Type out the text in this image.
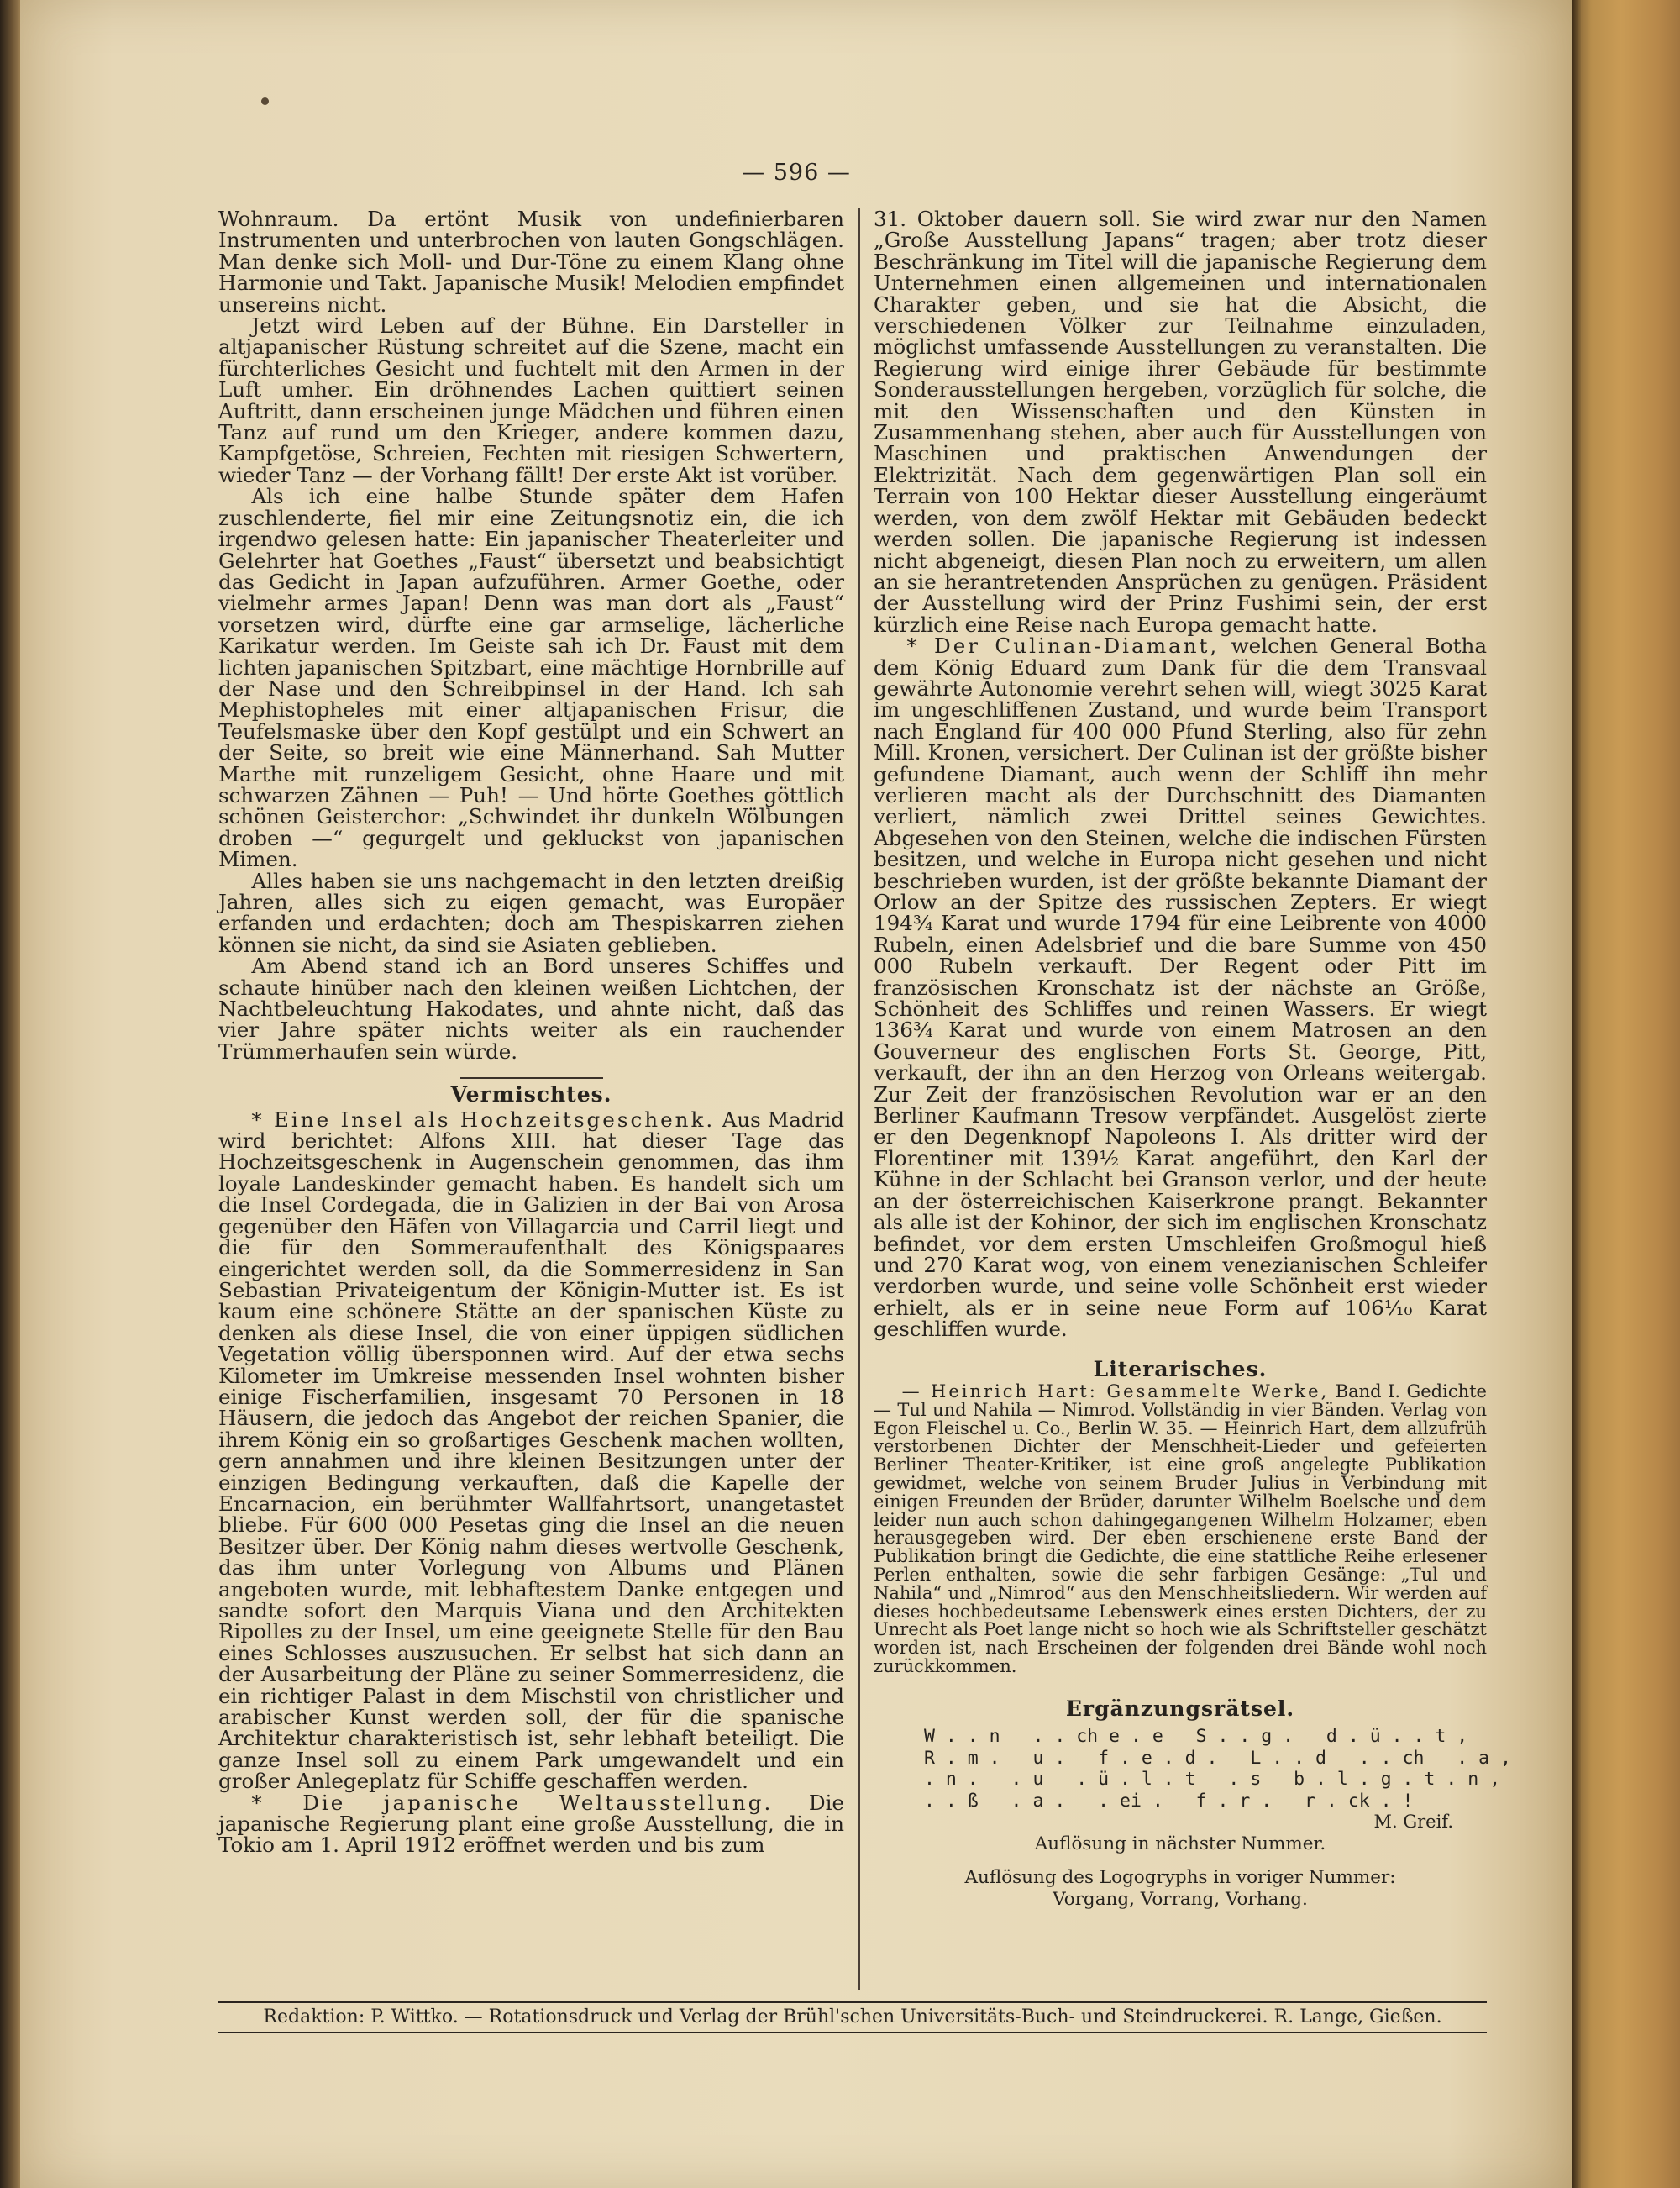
— 596 —

Wohnraum. Da ertönt Musik von undefinierbaren Instrumenten und unterbrochen von lauten Gongschlägen. Man denke sich Moll- und Dur-Töne zu einem Klang ohne Harmonie und Takt. Japanische Musik! Melodien empfindet unsereins nicht.

Jetzt wird Leben auf der Bühne. Ein Darsteller in altjapanischer Rüstung schreitet auf die Szene, macht ein fürchterliches Gesicht und fuchtelt mit den Armen in der Luft umher. Ein dröhnendes Lachen quittiert seinen Auftritt, dann erscheinen junge Mädchen und führen einen Tanz auf rund um den Krieger, andere kommen dazu, Kampfgetöse, Schreien, Fechten mit riesigen Schwertern, wieder Tanz — der Vorhang fällt! Der erste Akt ist vorüber.

Als ich eine halbe Stunde später dem Hafen zuschlenderte, fiel mir eine Zeitungsnotiz ein, die ich irgendwo gelesen hatte: Ein japanischer Theaterleiter und Gelehrter hat Goethes „Faust“ übersetzt und beabsichtigt das Gedicht in Japan aufzuführen. Armer Goethe, oder vielmehr armes Japan! Denn was man dort als „Faust“ vorsetzen wird, dürfte eine gar armselige, lächerliche Karikatur werden. Im Geiste sah ich Dr. Faust mit dem lichten japanischen Spitzbart, eine mächtige Hornbrille auf der Nase und den Schreibpinsel in der Hand. Ich sah Mephistopheles mit einer altjapanischen Frisur, die Teufelsmaske über den Kopf gestülpt und ein Schwert an der Seite, so breit wie eine Männerhand. Sah Mutter Marthe mit runzeligem Gesicht, ohne Haare und mit schwarzen Zähnen — Puh! — Und hörte Goethes göttlich schönen Geisterchor: „Schwindet ihr dunkeln Wölbungen droben —“ gegurgelt und gekluckst von japanischen Mimen.

Alles haben sie uns nachgemacht in den letzten dreißig Jahren, alles sich zu eigen gemacht, was Europäer erfanden und erdachten; doch am Thespiskarren ziehen können sie nicht, da sind sie Asiaten geblieben.

Am Abend stand ich an Bord unseres Schiffes und schaute hinüber nach den kleinen weißen Lichtchen, der Nachtbeleuchtung Hakodates, und ahnte nicht, daß das vier Jahre später nichts weiter als ein rauchender Trümmerhaufen sein würde.

Vermischtes.

* Eine Insel als Hochzeitsgeschenk. Aus Madrid wird berichtet: Alfons XIII. hat dieser Tage das Hochzeitsgeschenk in Augenschein genommen, das ihm loyale Landeskinder gemacht haben. Es handelt sich um die Insel Cordegada, die in Galizien in der Bai von Arosa gegenüber den Häfen von Villagarcia und Carril liegt und die für den Sommeraufenthalt des Königspaares eingerichtet werden soll, da die Sommerresidenz in San Sebastian Privateigentum der Königin-Mutter ist. Es ist kaum eine schönere Stätte an der spanischen Küste zu denken als diese Insel, die von einer üppigen südlichen Vegetation völlig übersponnen wird. Auf der etwa sechs Kilometer im Umkreise messenden Insel wohnten bisher einige Fischerfamilien, insgesamt 70 Personen in 18 Häusern, die jedoch das Angebot der reichen Spanier, die ihrem König ein so großartiges Geschenk machen wollten, gern annahmen und ihre kleinen Besitzungen unter der einzigen Bedingung verkauften, daß die Kapelle der Encarnacion, ein berühmter Wallfahrtsort, unangetastet bliebe. Für 600 000 Pesetas ging die Insel an die neuen Besitzer über. Der König nahm dieses wertvolle Geschenk, das ihm unter Vorlegung von Albums und Plänen angeboten wurde, mit lebhaftestem Danke entgegen und sandte sofort den Marquis Viana und den Architekten Ripolles zu der Insel, um eine geeignete Stelle für den Bau eines Schlosses auszusuchen. Er selbst hat sich dann an der Ausarbeitung der Pläne zu seiner Sommerresidenz, die ein richtiger Palast in dem Mischstil von christlicher und arabischer Kunst werden soll, der für die spanische Architektur charakteristisch ist, sehr lebhaft beteiligt. Die ganze Insel soll zu einem Park umgewandelt und ein großer Anlegeplatz für Schiffe geschaffen werden.

* Die japanische Weltausstellung. Die japanische Regierung plant eine große Ausstellung, die in Tokio am 1. April 1912 eröffnet werden und bis zum

31. Oktober dauern soll. Sie wird zwar nur den Namen „Große Ausstellung Japans“ tragen; aber trotz dieser Beschränkung im Titel will die japanische Regierung dem Unternehmen einen allgemeinen und internationalen Charakter geben, und sie hat die Absicht, die verschiedenen Völker zur Teilnahme einzuladen, möglichst umfassende Ausstellungen zu veranstalten. Die Regierung wird einige ihrer Gebäude für bestimmte Sonderausstellungen hergeben, vorzüglich für solche, die mit den Wissenschaften und den Künsten in Zusammenhang stehen, aber auch für Ausstellungen von Maschinen und praktischen Anwendungen der Elektrizität. Nach dem gegenwärtigen Plan soll ein Terrain von 100 Hektar dieser Ausstellung eingeräumt werden, von dem zwölf Hektar mit Gebäuden bedeckt werden sollen. Die japanische Regierung ist indessen nicht abgeneigt, diesen Plan noch zu erweitern, um allen an sie herantretenden Ansprüchen zu genügen. Präsident der Ausstellung wird der Prinz Fushimi sein, der erst kürzlich eine Reise nach Europa gemacht hatte.

* Der Culinan-Diamant, welchen General Botha dem König Eduard zum Dank für die dem Transvaal gewährte Autonomie verehrt sehen will, wiegt 3025 Karat im ungeschliffenen Zustand, und wurde beim Transport nach England für 400 000 Pfund Sterling, also für zehn Mill. Kronen, versichert. Der Culinan ist der größte bisher gefundene Diamant, auch wenn der Schliff ihn mehr verlieren macht als der Durchschnitt des Diamanten verliert, nämlich zwei Drittel seines Gewichtes. Abgesehen von den Steinen, welche die indischen Fürsten besitzen, und welche in Europa nicht gesehen und nicht beschrieben wurden, ist der größte bekannte Diamant der Orlow an der Spitze des russischen Zepters. Er wiegt 194¾ Karat und wurde 1794 für eine Leibrente von 4000 Rubeln, einen Adelsbrief und die bare Summe von 450 000 Rubeln verkauft. Der Regent oder Pitt im französischen Kronschatz ist der nächste an Größe, Schönheit des Schliffes und reinen Wassers. Er wiegt 136¾ Karat und wurde von einem Matrosen an den Gouverneur des englischen Forts St. George, Pitt, verkauft, der ihn an den Herzog von Orleans weitergab. Zur Zeit der französischen Revolution war er an den Berliner Kaufmann Tresow verpfändet. Ausgelöst zierte er den Degenknopf Napoleons I. Als dritter wird der Florentiner mit 139½ Karat angeführt, den Karl der Kühne in der Schlacht bei Granson verlor, und der heute an der österreichischen Kaiserkrone prangt. Bekannter als alle ist der Kohinor, der sich im englischen Kronschatz befindet, vor dem ersten Umschleifen Großmogul hieß und 270 Karat wog, von einem venezianischen Schleifer verdorben wurde, und seine volle Schönheit erst wieder erhielt, als er in seine neue Form auf 106¹⁄₁₀ Karat geschliffen wurde.

Literarisches.

— Heinrich Hart: Gesammelte Werke, Band I. Gedichte — Tul und Nahila — Nimrod. Vollständig in vier Bänden. Verlag von Egon Fleischel u. Co., Berlin W. 35. — Heinrich Hart, dem allzufrüh verstorbenen Dichter der Menschheit-Lieder und gefeierten Berliner Theater-Kritiker, ist eine groß angelegte Publikation gewidmet, welche von seinem Bruder Julius in Verbindung mit einigen Freunden der Brüder, darunter Wilhelm Boelsche und dem leider nun auch schon dahingegangenen Wilhelm Holzamer, eben herausgegeben wird. Der eben erschienene erste Band der Publikation bringt die Gedichte, die eine stattliche Reihe erlesener Perlen enthalten, sowie die sehr farbigen Gesänge: „Tul und Nahila“ und „Nimrod“ aus den Menschheitsliedern. Wir werden auf dieses hochbedeutsame Lebenswerk eines ersten Dichters, der zu Unrecht als Poet lange nicht so hoch wie als Schriftsteller geschätzt worden ist, nach Erscheinen der folgenden drei Bände wohl noch zurückkommen.

Ergänzungsrätsel.
W . . n   . . ch e . e   S . . g .   d . ü . . t ,
R . m .   u .   f . e . d .   L . . d   . . ch   . a ,
. n .   . u   . ü . l . t   . s   b . l . g . t . n ,
. . ß   . a .   . ei .   f . r .   r . ck . !
M. Greif.
Auflösung in nächster Nummer.
Auflösung des Logogryphs in voriger Nummer:
Vorgang, Vorrang, Vorhang.
Redaktion: P. Wittko. — Rotationsdruck und Verlag der Brühl'schen Universitäts-Buch- und Steindruckerei. R. Lange, Gießen.
